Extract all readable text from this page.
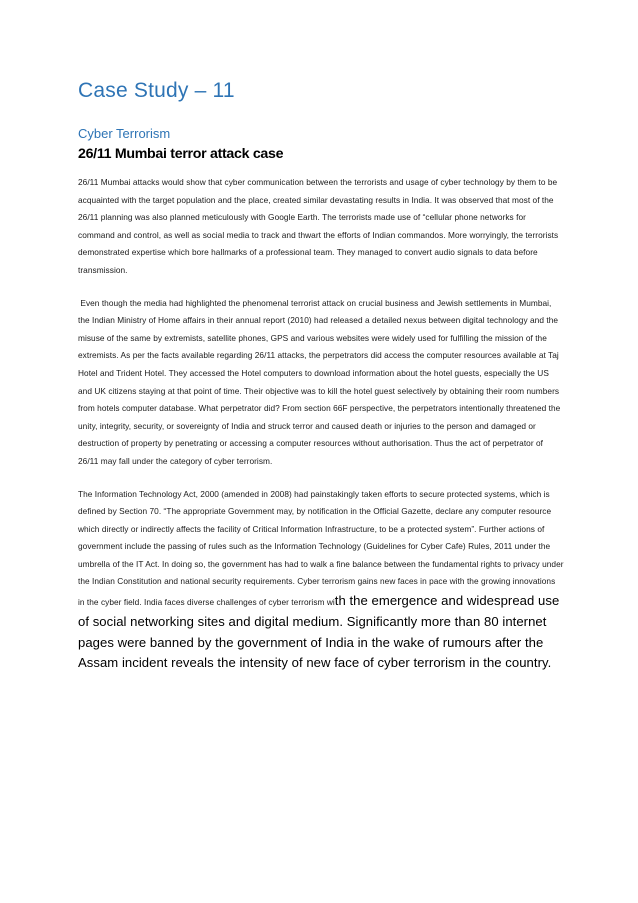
Case Study – 11
Cyber Terrorism
26/11 Mumbai terror attack case

26/11 Mumbai attacks would show that cyber communication between the terrorists and usage of cyber technology by them to be acquainted with the target population and the place, created similar devastating results in India. It was observed that most of the 26/11 planning was also planned meticulously with Google Earth. The terrorists made use of “cellular phone networks for command and control, as well as social media to track and thwart the efforts of Indian commandos. More worryingly, the terrorists demonstrated expertise which bore hallmarks of a professional team. They managed to convert audio signals to data before transmission.

Even though the media had highlighted the phenomenal terrorist attack on crucial business and Jewish settlements in Mumbai, the Indian Ministry of Home affairs in their annual report (2010) had released a detailed nexus between digital technology and the misuse of the same by extremists, satellite phones, GPS and various websites were widely used for fulfilling the mission of the extremists. As per the facts available regarding 26/11 attacks, the perpetrators did access the computer resources available at Taj Hotel and Trident Hotel. They accessed the Hotel computers to download information about the hotel guests, especially the US and UK citizens staying at that point of time. Their objective was to kill the hotel guest selectively by obtaining their room numbers from hotels computer database. What perpetrator did? From section 66F perspective, the perpetrators intentionally threatened the unity, integrity, security, or sovereignty of India and struck terror and caused death or injuries to the person and damaged or destruction of property by penetrating or accessing a computer resources without authorisation. Thus the act of perpetrator of 26/11 may fall under the category of cyber terrorism.

The Information Technology Act, 2000 (amended in 2008) had painstakingly taken efforts to secure protected systems, which is defined by Section 70. “The appropriate Government may, by notification in the Official Gazette, declare any computer resource which directly or indirectly affects the facility of Critical Information Infrastructure, to be a protected system”. Further actions of government include the passing of rules such as the Information Technology (Guidelines for Cyber Cafe) Rules, 2011 under the umbrella of the IT Act. In doing so, the government has had to walk a fine balance between the fundamental rights to privacy under the Indian Constitution and national security requirements. Cyber terrorism gains new faces in pace with the growing innovations in the cyber field. India faces diverse challenges of cyber terrorism with the emergence and widespread use of social networking sites and digital medium. Significantly more than 80 internet pages were banned by the government of India in the wake of rumours after the Assam incident reveals the intensity of new face of cyber terrorism in the country.
